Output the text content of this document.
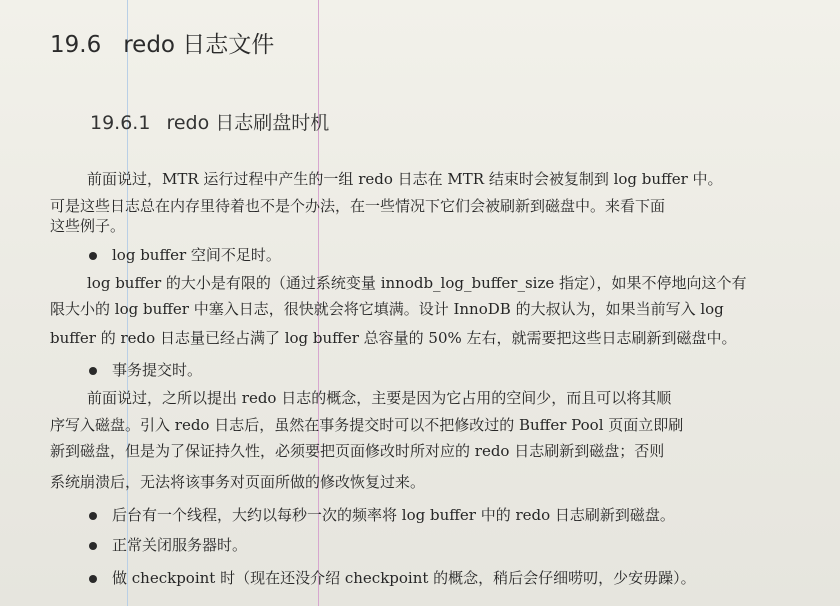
19.6 redo 日志文件
19.6.1 redo 日志刷盘时机
前面说过，MTR 运行过程中产生的一组 redo 日志在 MTR 结束时会被复制到 log buffer 中。
可是这些日志总在内存里待着也不是个办法，在一些情况下它们会被刷新到磁盘中。来看下面
这些例子。
log buffer 空间不足时。
log buffer 的大小是有限的（通过系统变量 innodb_log_buffer_size 指定），如果不停地向这个有
限大小的 log buffer 中塞入日志，很快就会将它填满。设计 InnoDB 的大叔认为，如果当前写入 log
buffer 的 redo 日志量已经占满了 log buffer 总容量的 50% 左右，就需要把这些日志刷新到磁盘中。
事务提交时。
前面说过，之所以提出 redo 日志的概念，主要是因为它占用的空间少，而且可以将其顺
序写入磁盘。引入 redo 日志后，虽然在事务提交时可以不把修改过的 Buffer Pool 页面立即刷
新到磁盘，但是为了保证持久性，必须要把页面修改时所对应的 redo 日志刷新到磁盘；否则
系统崩溃后，无法将该事务对页面所做的修改恢复过来。
后台有一个线程，大约以每秒一次的频率将 log buffer 中的 redo 日志刷新到磁盘。
正常关闭服务器时。
做 checkpoint 时（现在还没介绍 checkpoint 的概念，稍后会仔细唠叨，少安毋躁）。
